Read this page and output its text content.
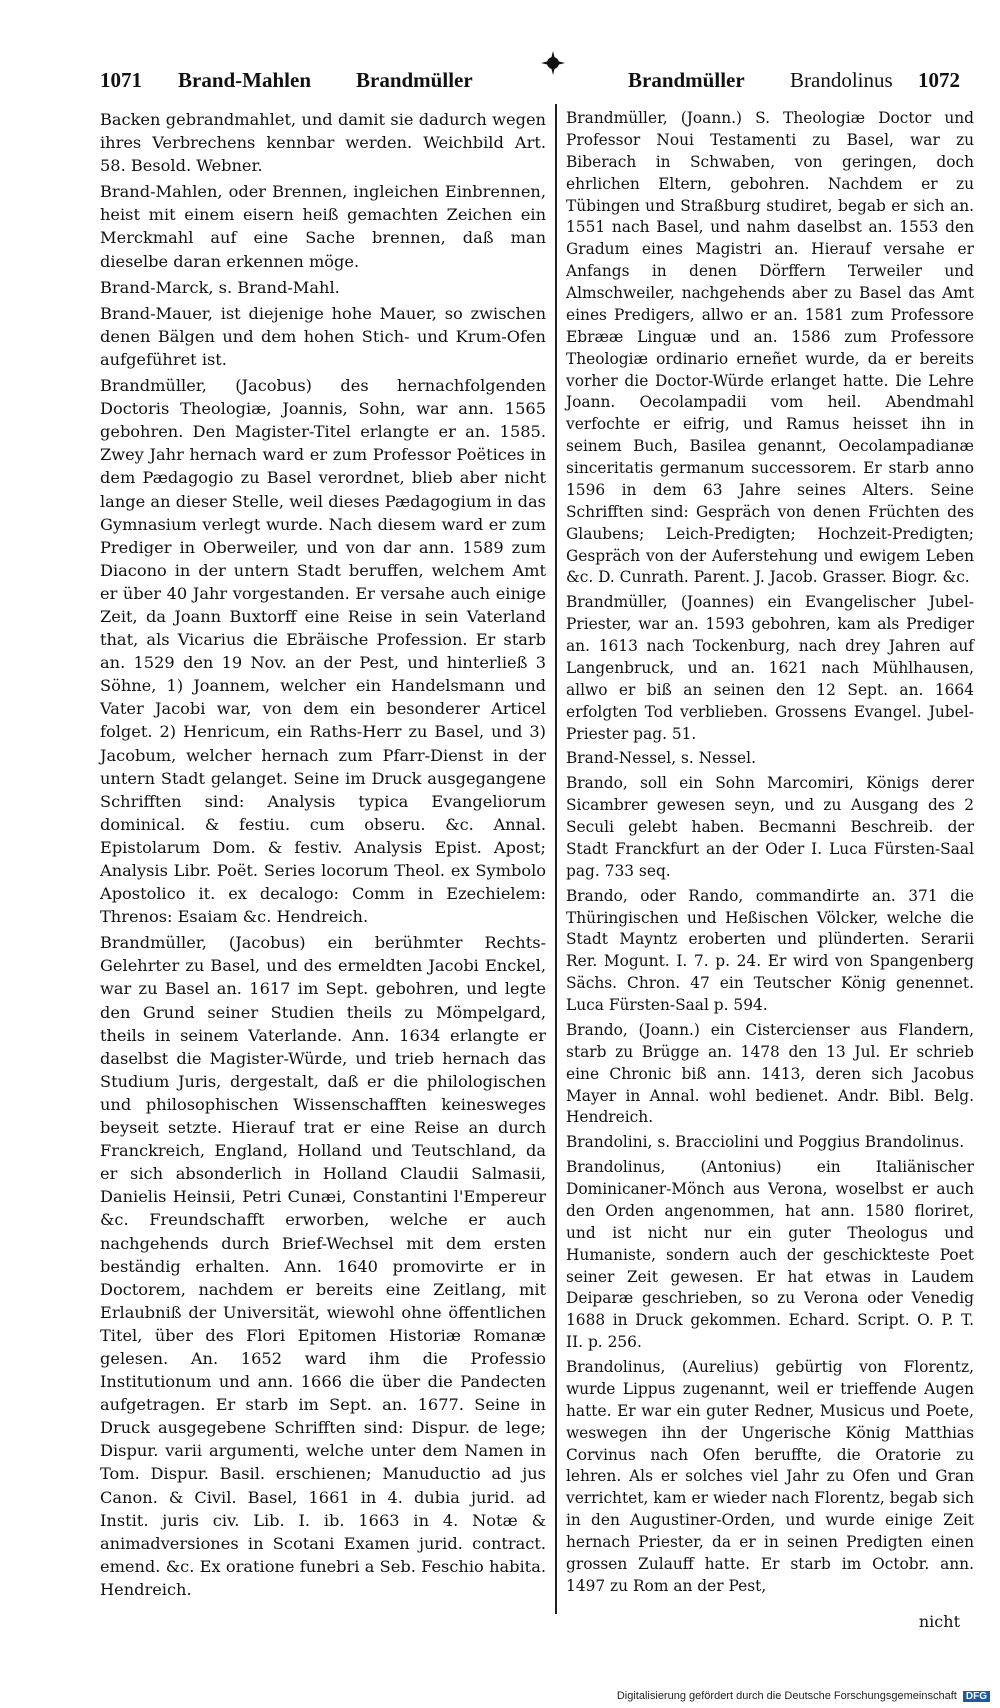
1071 Brand-Mahlen Brandmüller	Brandmüller Brandolinus 1072

Backen gebrandmahlet, und damit sie dadurch wegen ihres Verbrechens kennbar werden. Weichbild Art. 58. Besold. Webner.

Brand-Mahlen, oder Brennen, ingleichen Einbrennen, heist mit einem eisern heiß gemachten Zeichen ein Merckmahl auf eine Sache brennen, daß man dieselbe daran erkennen möge.

Brand-Marck, s. Brand-Mahl.

Brand-Mauer, ist diejenige hohe Mauer, so zwischen denen Bälgen und dem hohen Stich- und Krum-Ofen aufgeführet ist.

Brandmüller, (Jacobus) des hernachfolgenden Doctoris Theologiæ, Joannis, Sohn, war ann. 1565 gebohren. Den Magister-Titel erlangte er an. 1585. Zwey Jahr hernach ward er zum Professor Poëtices in dem Pædagogio zu Basel verordnet, blieb aber nicht lange an dieser Stelle, weil dieses Pædagogium in das Gymnasium verlegt wurde. Nach diesem ward er zum Prediger in Oberweiler, und von dar ann. 1589 zum Diacono in der untern Stadt beruffen, welchem Amt er über 40 Jahr vorgestanden. Er versahe auch einige Zeit, da Joann Buxtorff eine Reise in sein Vaterland that, als Vicarius die Ebräische Profession. Er starb an. 1529 den 19 Nov. an der Pest, und hinterließ 3 Söhne, 1) Joannem, welcher ein Handelsmann und Vater Jacobi war, von dem ein besonderer Articel folget. 2) Henricum, ein Raths-Herr zu Basel, und 3) Jacobum, welcher hernach zum Pfarr-Dienst in der untern Stadt gelanget. Seine im Druck ausgegangene Schrifften sind: Analysis typica Evangeliorum dominical. & festiu. cum obseru. &c. Annal. Epistolarum Dom. & festiv. Analysis Epist. Apost; Analysis Libr. Poët. Series locorum Theol. ex Symbolo Apostolico it. ex decalogo: Comm in Ezechielem: Threnos: Esaiam &c. Hendreich.

Brandmüller, (Jacobus) ein berühmter Rechts-Gelehrter zu Basel, und des ermeldten Jacobi Enckel, war zu Basel an. 1617 im Sept. gebohren, und legte den Grund seiner Studien theils zu Mömpelgard, theils in seinem Vaterlande. Ann. 1634 erlangte er daselbst die Magister-Würde, und trieb hernach das Studium Juris, dergestalt, daß er die philologischen und philosophischen Wissenschafften keinesweges beyseit setzte. Hierauf trat er eine Reise an durch Franckreich, England, Holland und Teutschland, da er sich absonderlich in Holland Claudii Salmasii, Danielis Heinsii, Petri Cunæi, Constantini l'Empereur &c. Freundschafft erworben, welche er auch nachgehends durch Brief-Wechsel mit dem ersten beständig erhalten. Ann. 1640 promovirte er in Doctorem, nachdem er bereits eine Zeitlang, mit Erlaubniß der Universität, wiewohl ohne öffentlichen Titel, über des Flori Epitomen Historiæ Romanæ gelesen. An. 1652 ward ihm die Professio Institutionum und ann. 1666 die über die Pandecten aufgetragen. Er starb im Sept. an. 1677. Seine in Druck ausgegebene Schrifften sind: Dispur. de lege; Dispur. varii argumenti, welche unter dem Namen in Tom. Dispur. Basil. erschienen; Manuductio ad jus Canon. & Civil. Basel, 1661 in 4. dubia jurid. ad Instit. juris civ. Lib. I. ib. 1663 in 4. Notæ & animadversiones in Scotani Examen jurid. contract. emend. &c. Ex oratione funebri a Seb. Feschio habita. Hendreich.

Brandmüller, (Joann.) S. Theologiæ Doctor und Professor Noui Testamenti zu Basel, war zu Biberach in Schwaben, von geringen, doch ehrlichen Eltern, gebohren. Nachdem er zu Tübingen und Straßburg studiret, begab er sich an. 1551 nach Basel, und nahm daselbst an. 1553 den Gradum eines Magistri an. Hierauf versahe er Anfangs in denen Dörffern Terweiler und Almschweiler, nachgehends aber zu Basel das Amt eines Predigers, allwo er an. 1581 zum Professore Ebrææ Linguæ und an. 1586 zum Professore Theologiæ ordinario erneñet wurde, da er bereits vorher die Doctor-Würde erlanget hatte. Die Lehre Joann. Oecolampadii vom heil. Abendmahl verfochte er eifrig, und Ramus heisset ihn in seinem Buch, Basilea genannt, Oecolampadianæ sinceritatis germanum successorem. Er starb anno 1596 in dem 63 Jahre seines Alters. Seine Schrifften sind: Gespräch von denen Früchten des Glaubens; Leich-Predigten; Hochzeit-Predigten; Gespräch von der Auferstehung und ewigem Leben &c. D. Cunrath. Parent. J. Jacob. Grasser. Biogr. &c.

Brandmüller, (Joannes) ein Evangelischer Jubel-Priester, war an. 1593 gebohren, kam als Prediger an. 1613 nach Tockenburg, nach drey Jahren auf Langenbruck, und an. 1621 nach Mühlhausen, allwo er biß an seinen den 12 Sept. an. 1664 erfolgten Tod verblieben. Grossens Evangel. Jubel-Priester pag. 51.

Brand-Nessel, s. Nessel.

Brando, soll ein Sohn Marcomiri, Königs derer Sicambrer gewesen seyn, und zu Ausgang des 2 Seculi gelebt haben. Becmanni Beschreib. der Stadt Franckfurt an der Oder I. Luca Fürsten-Saal pag. 733 seq.

Brando, oder Rando, commandirte an. 371 die Thüringischen und Heßischen Völcker, welche die Stadt Mayntz eroberten und plünderten. Serarii Rer. Mogunt. I. 7. p. 24. Er wird von Spangenberg Sächs. Chron. 47 ein Teutscher König genennet. Luca Fürsten-Saal p. 594.

Brando, (Joann.) ein Cistercienser aus Flandern, starb zu Brügge an. 1478 den 13 Jul. Er schrieb eine Chronic biß ann. 1413, deren sich Jacobus Mayer in Annal. wohl bedienet. Andr. Bibl. Belg. Hendreich.

Brandolini, s. Bracciolini und Poggius Brandolinus.

Brandolinus, (Antonius) ein Italiänischer Dominicaner-Mönch aus Verona, woselbst er auch den Orden angenommen, hat ann. 1580 floriret, und ist nicht nur ein guter Theologus und Humaniste, sondern auch der geschickteste Poet seiner Zeit gewesen. Er hat etwas in Laudem Deiparæ geschrieben, so zu Verona oder Venedig 1688 in Druck gekommen. Echard. Script. O. P. T. II. p. 256.

Brandolinus, (Aurelius) gebürtig von Florentz, wurde Lippus zugenannt, weil er trieffende Augen hatte. Er war ein guter Redner, Musicus und Poete, weswegen ihn der Ungerische König Matthias Corvinus nach Ofen beruffte, die Oratorie zu lehren. Als er solches viel Jahr zu Ofen und Gran verrichtet, kam er wieder nach Florentz, begab sich in den Augustiner-Orden, und wurde einige Zeit hernach Priester, da er in seinen Predigten einen grossen Zulauff hatte. Er starb im Octobr. ann. 1497 zu Rom an der Pest,

nicht
Digitalisierung gefördert durch die Deutsche Forschungsgemeinschaft DFG
